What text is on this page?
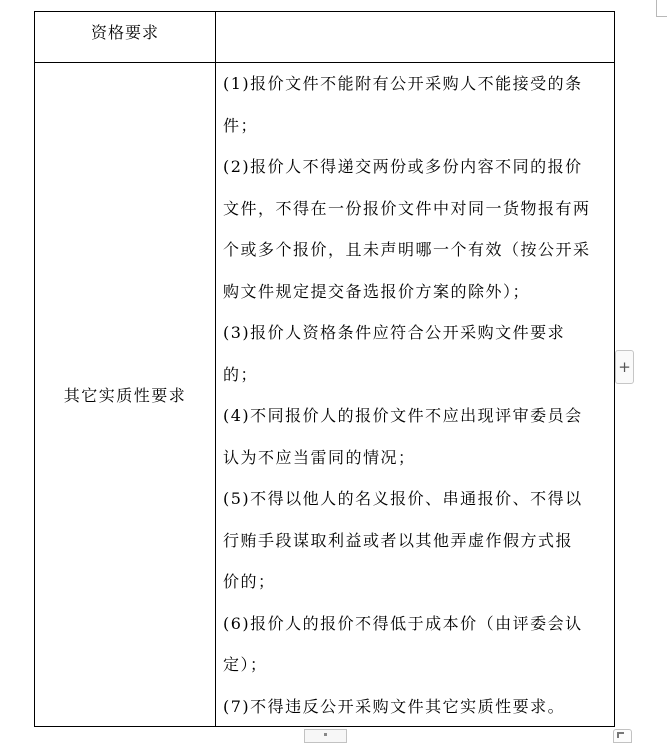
资格要求
其它实质性要求
(1)报价文件不能附有公开采购人不能接受的条
件；
(2)报价人不得递交两份或多份内容不同的报价
文件，不得在一份报价文件中对同一货物报有两
个或多个报价，且未声明哪一个有效（按公开采
购文件规定提交备选报价方案的除外）；
(3)报价人资格条件应符合公开采购文件要求
的；
(4)不同报价人的报价文件不应出现评审委员会
认为不应当雷同的情况；
(5)不得以他人的名义报价、串通报价、不得以
行贿手段谋取利益或者以其他弄虚作假方式报
价的；
(6)报价人的报价不得低于成本价（由评委会认
定）；
(7)不得违反公开采购文件其它实质性要求。
+
